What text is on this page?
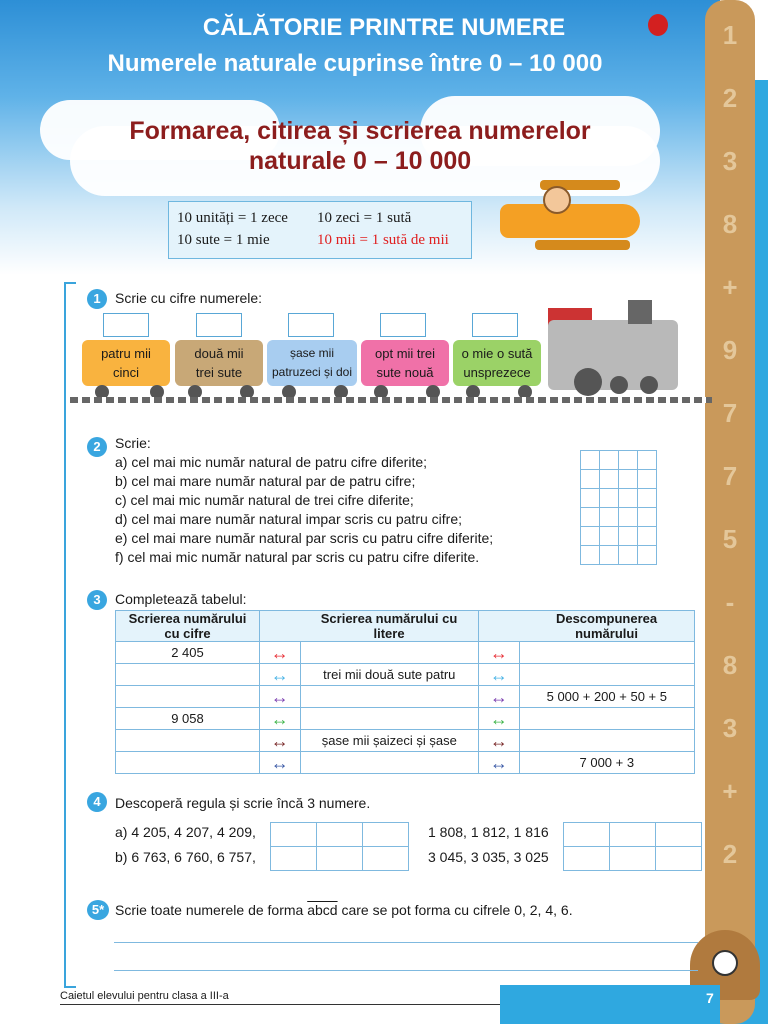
1
2
3
8
+
9
7
7
5
-
8
3
+
2
CĂLĂTORIE PRINTRE NUMERE
Numerele naturale cuprinse între 0 – 10 000
Formarea, citirea și scrierea numerelor
naturale 0 – 10 000
10 unități = 1 zece 10 zeci = 1 sută
10 sute = 1 mie	10 mii = 1 sută de mii
1	Scrie cu cifre numerele:
patru mii
cinci
două mii
trei sute
șase mii
patruzeci și doi
opt mii trei
sute nouă
o mie o sută
unsprezece
2	Scrie:
a) cel mai mic număr natural de patru cifre diferite;
b) cel mai mare număr natural par de patru cifre;
c) cel mai mic număr natural de trei cifre diferite;
d) cel mai mare număr natural impar scris cu patru cifre;
e) cel mai mare număr natural par scris cu patru cifre diferite;
f) cel mai mic număr natural par scris cu patru cifre diferite.

3	Completează tabelul:
Scrierea numărului cu cifre		Scrierea numărului cu litere		Descompunerea numărului
2 405	↔		↔	
	↔	trei mii două sute patru	↔	
	↔		↔	5 000 + 200 + 50 + 5
9 058	↔		↔	
	↔	șase mii șaizeci și șase	↔	
	↔		↔	7 000 + 3
4	Descoperă regula și scrie încă 3 numere.
a) 4 205, 4 207, 4 209,
b) 6 763, 6 760, 6 757,

1 808, 1 812, 1 816
3 045, 3 035, 3 025

5* Scrie toate numerele de forma abcd care se pot forma cu cifrele 0, 2, 4, 6.
Caietul elevului pentru clasa a III-a	7
